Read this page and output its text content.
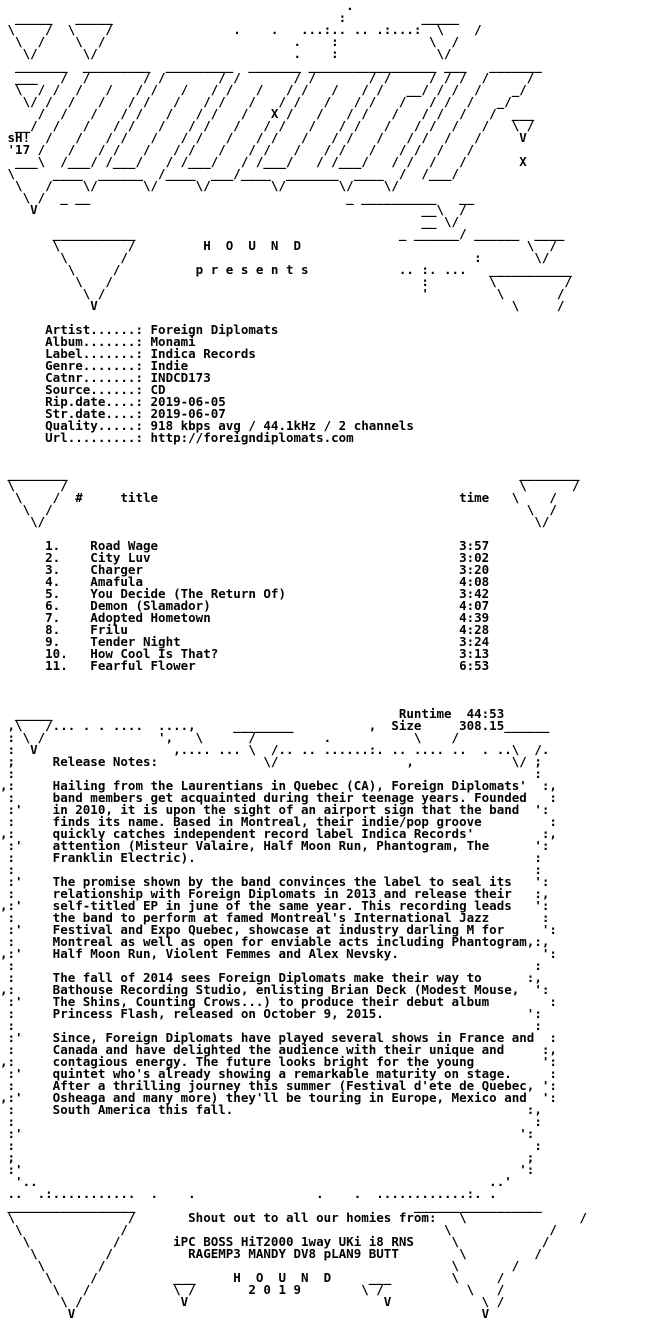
.
_____   _____                              :          _____
\    /  \    /                .    .   ...:.. .. .:...:  \    /
\  /    \  /                         .    :            \  /
\/      \/                          .    :             \/
_______  _________  _________  _______ _________________ ___   _______
___   /  /       / /       / /       / /       / /     / / /  /     /
\  / /  /   /   / /   /   / /   /   / /   /   / /   __/ / /  /    _/
\/ /  /   /   / /   /   / /   /   / /   /   / /   /   / /  /   _/
/  /   /   / /   /   / /   /   X /   /   / /   /   / /  /   /  ___
__/  /   /   / /   /   / /   /   / /   /   / /   /   / /  /   /   \ /
sH!  /   /   / /   /   / /   /   / /   /   / /   /   / /  /   /     V
'17 /   /   / /   /   / /   /   / /   /   / /   /   / /  /   /
___\  /___/ /___/   / /___/   / /___/   / /___/   / /  /   /       X
\     ____  ______  /____  ___/____  _______  ____  /  /___/
\   /    \/      \/     \/        \/       \/    \/
\ /  _ __                                  _ __________   __
V                                                   __\  /
__ \/
___________                                   _ ______/ ______  ____
\         /         H  O  U  N  D                              \  /
\       /                                              :       \/
\     /          p r e s e n t s            .. :. ...   ___________
\   /                                         :        \         /
\ /                                          '         \       /
V                                                       \     /
Artist......: Foreign Diplomats
Album.......: Monami
Label.......: Indica Records
Genre.......: Indie
Catnr.......: INDCD173
Source......: CD
Rip.date....: 2019-06-05
Str.date....: 2019-06-07
Quality.....: 918 kbps avg / 44.1kHz / 2 channels
Url.........: http://foreigndiplomats.com
________                                                            ________
\      /                                                            \      /
\    /  #     title                                        time   \    /
\  /                                                               \  /
\/                                                                 \/
1.    Road Wage                                        3:57
2.    City Luv                                         3:02
3.    Charger                                          3:20
4.    Amafula                                          4:08
5.    You Decide (The Return Of)                       3:42
6.    Demon (Slamador)                                 4:07
7.    Adopted Hometown                                 4:39
8.    Frilu                                            4:28
9.    Tender Night                                     3:24
10.   How Cool Is That?                                3:13
11.   Fearful Flower                                   6:53
_____                                              Runtime  44:53
,\   /... . . ....  ....,     ________          ,  Size     308.15______
: \ /               ',   \      /         .           \    /
:  V                  ,.... ... \  /.. .. ......:. .. .... ..  . ..\  /.
;     Release Notes:              \/                 ,             \/ ;
:                                                                     :
,:     Hailing from the Laurentians in Quebec (CA), Foreign Diplomats'  :,
:     band members get acquainted during their teenage years. Founded   :
:'    in 2010, it is upon the sight of an airport sign that the band  ':
:     finds its name. Based in Montreal, their indie/pop groove         :
,:     quickly catches independent record label Indica Records'         :,
:'    attention (Misteur Valaire, Half Moon Run, Phantogram, The      ':
:     Franklin Electric).                                             :
:                                                                     :
:'    The promise shown by the band convinces the label to seal its   ':
:     relationship with Foreign Diplomats in 2013 and release their   :,
,:'    self-titled EP in june of the same year. This recording leads   ':
:     the band to perform at famed Montreal's International Jazz       :
:'    Festival and Expo Quebec, showcase at industry darling M for     ':
:     Montreal as well as open for enviable acts including Phantogram,:,
,:'    Half Moon Run, Violent Femmes and Alex Nevsky.                   ':
:                                                                     :
:     The fall of 2014 sees Foreign Diplomats make their way to      :,
,:     Bathouse Recording Studio, enlisting Brian Deck (Modest Mouse,  ':
:'    The Shins, Counting Crows...) to produce their debut album        :
:     Princess Flash, released on October 9, 2015.                   ':
:                                                                     :
:'    Since, Foreign Diplomats have played several shows in France and  :
:     Canada and have delighted the audience with their unique and     :,
,:     contagious energy. The future looks bright for the young         ':
:'    quintet who's already showing a remarkable maturity on stage.     :
:     After a thrilling journey this summer (Festival d'ete de Quebec, ':
,:'    Osheaga and many more) they'll be touring in Europe, Mexico and  ':
:     South America this fall.                                       :,
:                                                                     :
:'                                                                  ':
:                                                                     :
;                                                                    ;
:'                                                                  ':
'..                                                            ..'
..  .:...........  .    .                .    .  ............:. .
_________________                                     _________________
\               /       Shout out to all our homies from:   \               /
\             /                                          \             /
\           /       iPC BOSS HiT2000 1way UKi i8 RNS     \           /
\         /          RAGEMP3 MANDY DV8 pLAN9 BUTT        \         /
\       /                                              \       /
\     /          ___     H  O  U  N  D     ___        \     /
\   /           \ /       2 0 1 9        \ /           \   /
\ /             V                          V            \ /
V                                                      V
